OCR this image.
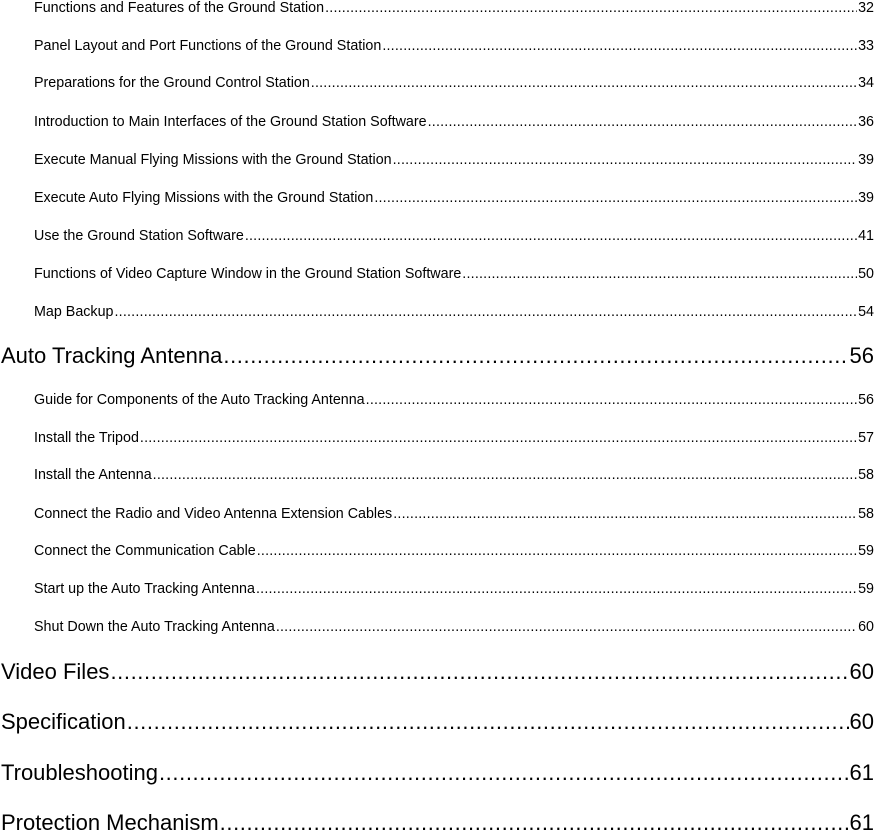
Functions and Features of the Ground Station .....	32
Panel Layout and Port Functions of the Ground Station .....	33
Preparations for the Ground Control Station .....	34
Introduction to Main Interfaces of the Ground Station Software .....	36
Execute Manual Flying Missions with the Ground Station .....	39
Execute Auto Flying Missions with the Ground Station .....	39
Use the Ground Station Software .....	41
Functions of Video Capture Window in the Ground Station Software .....	50
Map Backup .....	54
Auto Tracking Antenna .....	56
Guide for Components of the Auto Tracking Antenna .....	56
Install the Tripod .....	57
Install the Antenna .....	58
Connect the Radio and Video Antenna Extension Cables .....	58
Connect the Communication Cable .....	59
Start up the Auto Tracking Antenna .....	59
Shut Down the Auto Tracking Antenna .....	60
Video Files .....	60
Specification .....	60
Troubleshooting .....	61
Protection Mechanism .....	61
